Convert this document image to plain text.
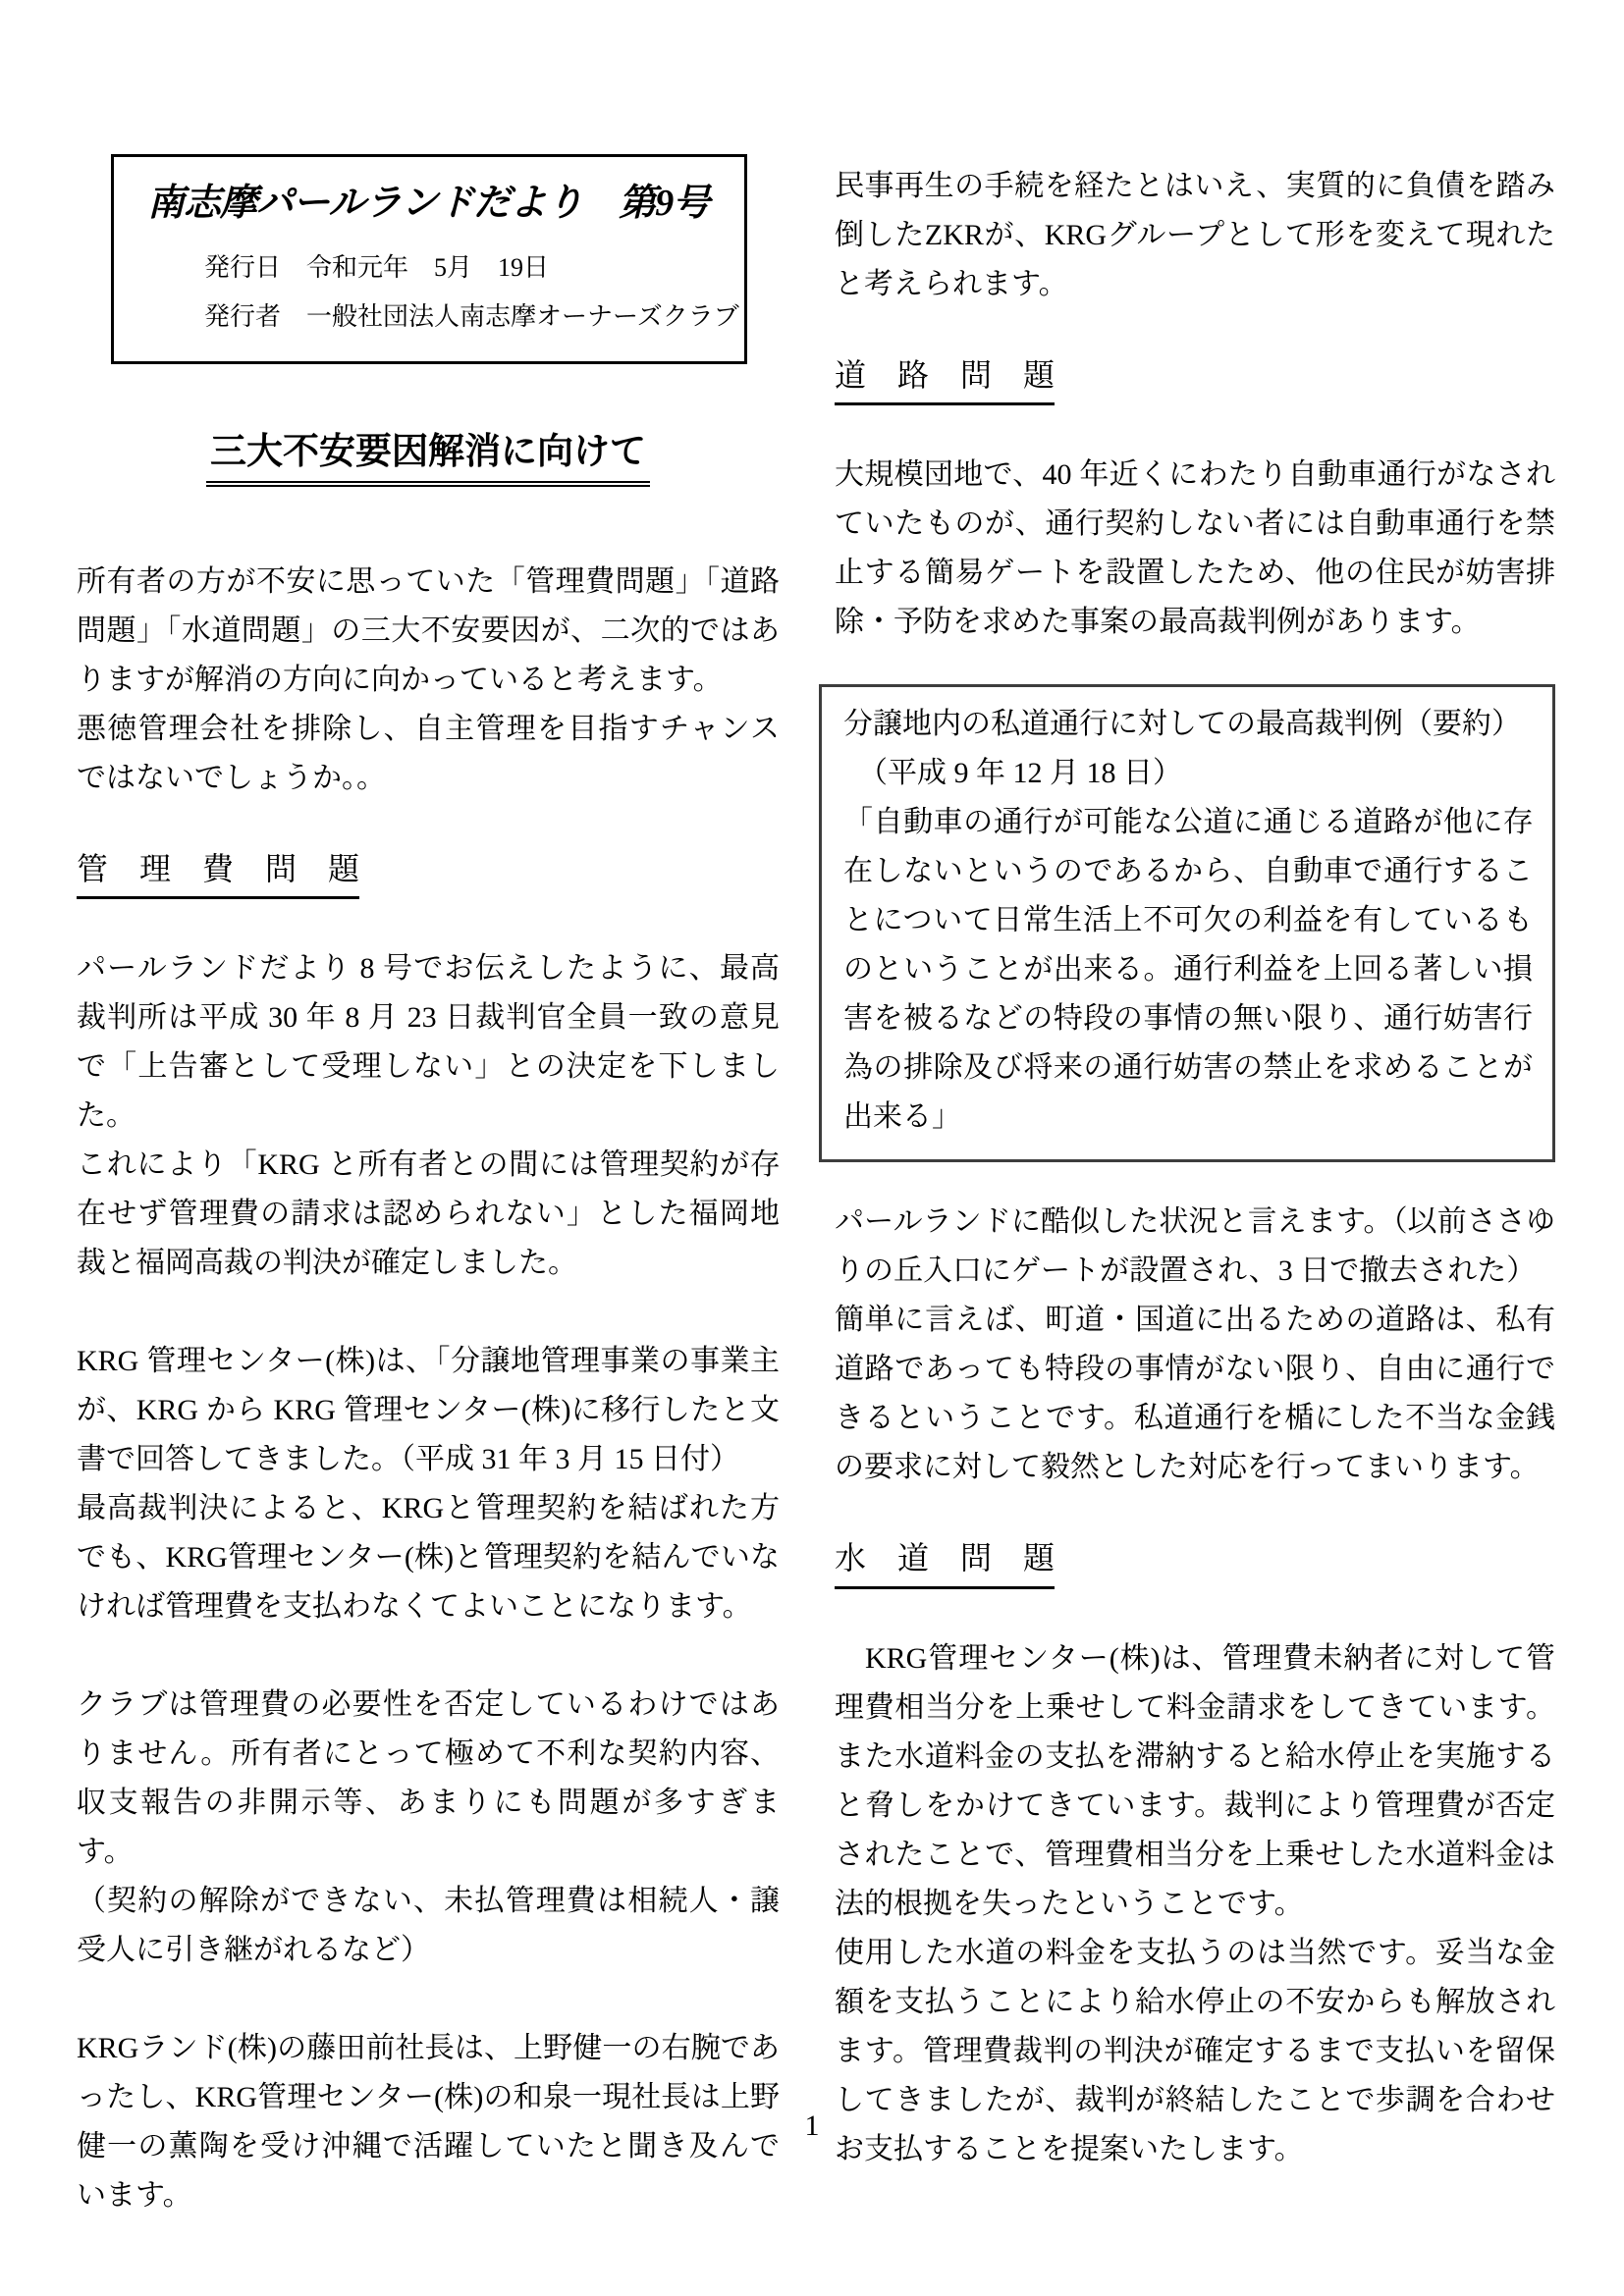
南志摩パールランドだより　第9号
発行日 令和元年　5月　19日
発行者 一般社団法人南志摩オーナーズクラブ
三大不安要因解消に向けて

所有者の方が不安に思っていた「管理費問題」「道路問題」「水道問題」の三大不安要因が、二次的ではありますが解消の方向に向かっていると考えます。

悪徳管理会社を排除し、自主管理を目指すチャンスではないでしょうか。。

管　理　費　問　題

パールランドだより 8 号でお伝えしたように、最高裁判所は平成 30 年 8 月 23 日裁判官全員一致の意見で「上告審として受理しない」との決定を下しました。

これにより「KRG と所有者との間には管理契約が存在せず管理費の請求は認められない」とした福岡地裁と福岡高裁の判決が確定しました。

KRG 管理センター(株)は、「分譲地管理事業の事業主が、KRG から KRG 管理センター(株)に移行したと文書で回答してきました。（平成 31 年 3 月 15 日付）

最高裁判決によると、KRGと管理契約を結ばれた方でも、KRG管理センター(株)と管理契約を結んでいなければ管理費を支払わなくてよいことになります。

クラブは管理費の必要性を否定しているわけではありません。所有者にとって極めて不利な契約内容、収支報告の非開示等、あまりにも問題が多すぎます。

（契約の解除ができない、未払管理費は相続人・譲受人に引き継がれるなど）

KRGランド(株)の藤田前社長は、上野健一の右腕であったし、KRG管理センター(株)の和泉一現社長は上野健一の薫陶を受け沖縄で活躍していたと聞き及んでいます。

民事再生の手続を経たとはいえ、実質的に負債を踏み倒したZKRが、KRGグループとして形を変えて現れたと考えられます。

道　路　問　題

大規模団地で、40 年近くにわたり自動車通行がなされていたものが、通行契約しない者には自動車通行を禁止する簡易ゲートを設置したため、他の住民が妨害排除・予防を求めた事案の最高裁判例があります。

分譲地内の私道通行に対しての最高裁判例（要約）

　（平成 9 年 12 月 18 日）

「自動車の通行が可能な公道に通じる道路が他に存在しないというのであるから、自動車で通行することについて日常生活上不可欠の利益を有しているものということが出来る。通行利益を上回る著しい損害を被るなどの特段の事情の無い限り、通行妨害行為の排除及び将来の通行妨害の禁止を求めることが出来る」

パールランドに酷似した状況と言えます。（以前ささゆりの丘入口にゲートが設置され、3 日で撤去された）

簡単に言えば、町道・国道に出るための道路は、私有道路であっても特段の事情がない限り、自由に通行できるということです。私道通行を楯にした不当な金銭の要求に対して毅然とした対応を行ってまいります。

水　道　問　題

　KRG管理センター(株)は、管理費未納者に対して管理費相当分を上乗せして料金請求をしてきています。また水道料金の支払を滞納すると給水停止を実施すると脅しをかけてきています。裁判により管理費が否定されたことで、管理費相当分を上乗せした水道料金は法的根拠を失ったということです。

使用した水道の料金を支払うのは当然です。妥当な金額を支払うことにより給水停止の不安からも解放されます。管理費裁判の判決が確定するまで支払いを留保してきましたが、裁判が終結したことで歩調を合わせお支払することを提案いたします。

1
